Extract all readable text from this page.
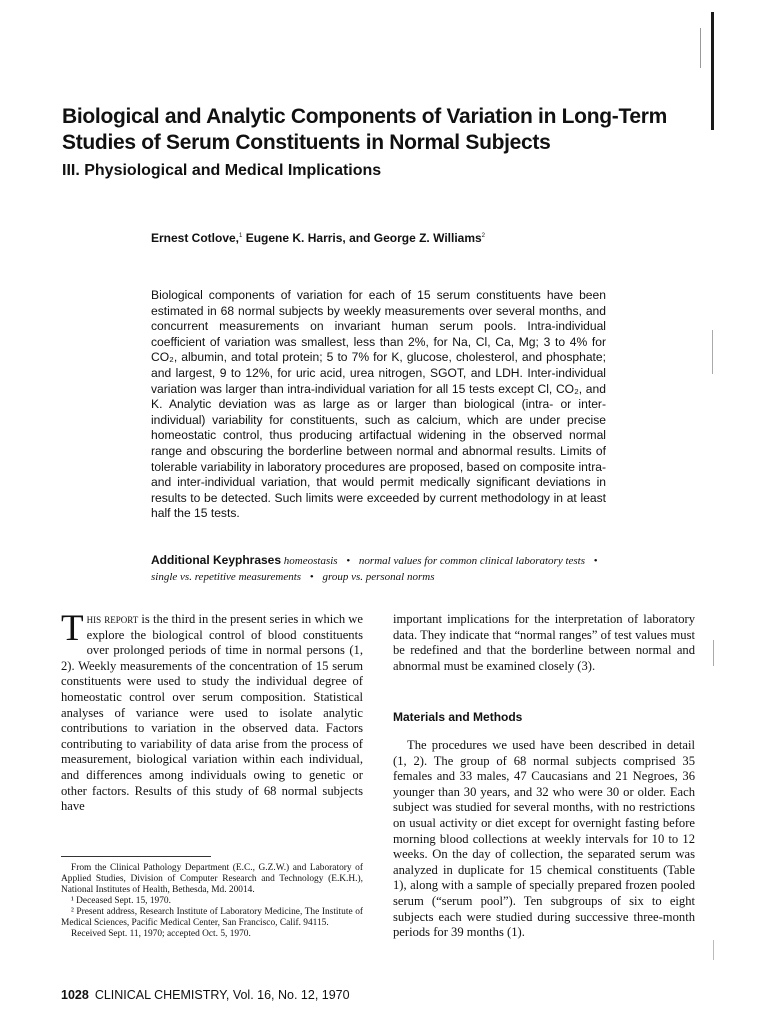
Biological and Analytic Components of Variation in Long-Term Studies of Serum Constituents in Normal Subjects
III. Physiological and Medical Implications
Ernest Cotlove,$^1$ Eugene K. Harris, and George Z. Williams$^2$

Biological components of variation for each of 15 serum constituents have been estimated in 68 normal subjects by weekly measurements over several months, and concurrent measurements on invariant human serum pools. Intra-individual coefficient of variation was smallest, less than 2%, for Na, Cl, Ca, Mg; 3 to 4% for CO₂, albumin, and total protein; 5 to 7% for K, glucose, cholesterol, and phosphate; and largest, 9 to 12%, for uric acid, urea nitrogen, SGOT, and LDH. Inter-individual variation was larger than intra-individual variation for all 15 tests except Cl, CO₂, and K. Analytic deviation was as large as or larger than biological (intra- or inter-individual) variability for constituents, such as calcium, which are under precise homeostatic control, thus producing artifactual widening in the observed normal range and obscuring the borderline between normal and abnormal results. Limits of tolerable variability in laboratory procedures are proposed, based on composite intra- and inter-individual variation, that would permit medically significant deviations in results to be detected. Such limits were exceeded by current methodology in at least half the 15 tests.

Additional Keyphrases homeostasis • normal values for common clinical laboratory tests • single vs. repetitive measurements • group vs. personal norms

This report is the third in the present series in which we explore the biological control of blood constituents over prolonged periods of time in normal persons (1, 2). Weekly measurements of the concentration of 15 serum constituents were used to study the individual degree of homeostatic control over serum composition. Statistical analyses of variance were used to isolate analytic contributions to variation in the observed data. Factors contributing to variability of data arise from the process of measurement, biological variation within each individual, and differences among individuals owing to genetic or other factors. Results of this study of 68 normal subjects have

important implications for the interpretation of laboratory data. They indicate that “normal ranges” of test values must be redefined and that the borderline between normal and abnormal must be examined closely (3).

Materials and Methods

The procedures we used have been described in detail (1, 2). The group of 68 normal subjects comprised 35 females and 33 males, 47 Caucasians and 21 Negroes, 36 younger than 30 years, and 32 who were 30 or older. Each subject was studied for several months, with no restrictions on usual activity or diet except for overnight fasting before morning blood collections at weekly intervals for 10 to 12 weeks. On the day of collection, the separated serum was analyzed in duplicate for 15 chemical constituents (Table 1), along with a sample of specially prepared frozen pooled serum (“serum pool”). Ten subgroups of six to eight subjects each were studied during successive three-month periods for 39 months (1).

From the Clinical Pathology Department (E.C., G.Z.W.) and Laboratory of Applied Studies, Division of Computer Research and Technology (E.K.H.), National Institutes of Health, Bethesda, Md. 20014.

¹ Deceased Sept. 15, 1970.

² Present address, Research Institute of Laboratory Medicine, The Institute of Medical Sciences, Pacific Medical Center, San Francisco, Calif. 94115.

Received Sept. 11, 1970; accepted Oct. 5, 1970.

1028 CLINICAL CHEMISTRY, Vol. 16, No. 12, 1970
